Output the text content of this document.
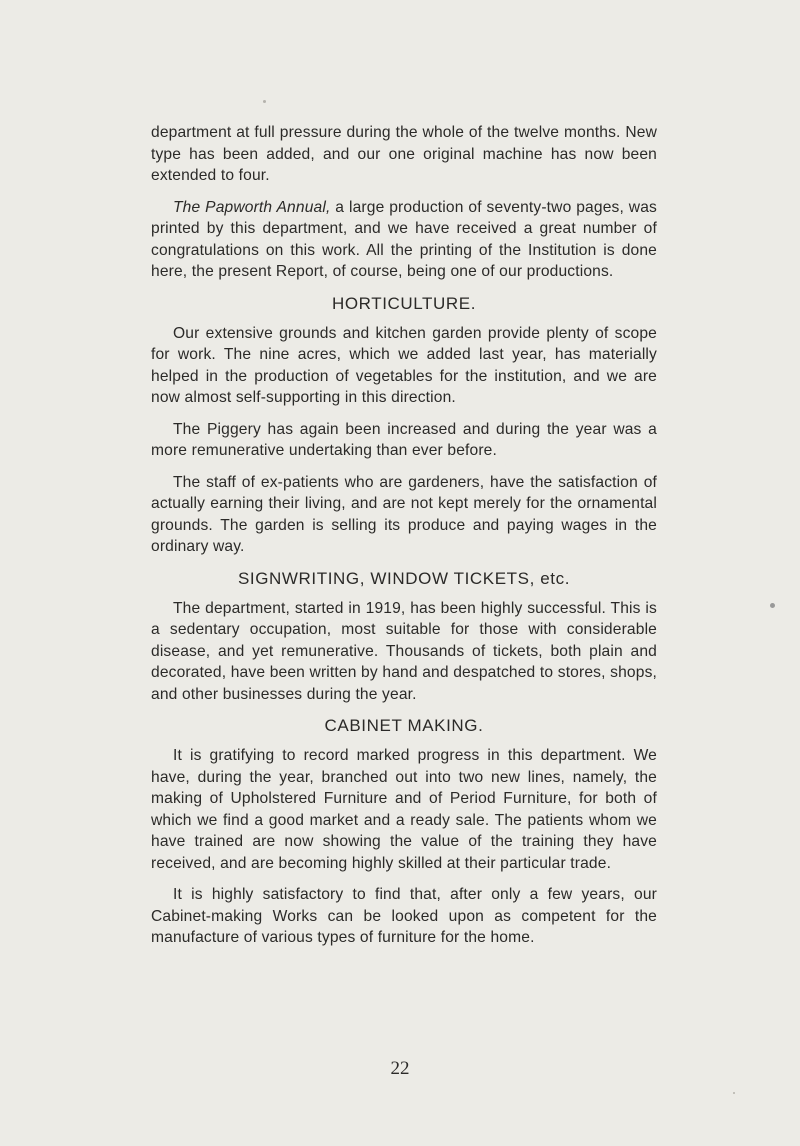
department at full pressure during the whole of the twelve months. New type has been added, and our one original machine has now been extended to four.

The Papworth Annual, a large production of seventy-two pages, was printed by this department, and we have received a great number of congratulations on this work. All the printing of the Institution is done here, the present Report, of course, being one of our productions.

HORTICULTURE.

Our extensive grounds and kitchen garden provide plenty of scope for work. The nine acres, which we added last year, has materially helped in the production of vegetables for the institution, and we are now almost self-supporting in this direction.

The Piggery has again been increased and during the year was a more remunerative undertaking than ever before.

The staff of ex-patients who are gardeners, have the satisfaction of actually earning their living, and are not kept merely for the ornamental grounds. The garden is selling its produce and paying wages in the ordinary way.

SIGNWRITING, WINDOW TICKETS, etc.

The department, started in 1919, has been highly successful. This is a sedentary occupation, most suitable for those with considerable disease, and yet remunerative. Thousands of tickets, both plain and decorated, have been written by hand and despatched to stores, shops, and other businesses during the year.

CABINET MAKING.

It is gratifying to record marked progress in this department. We have, during the year, branched out into two new lines, namely, the making of Upholstered Furniture and of Period Furniture, for both of which we find a good market and a ready sale. The patients whom we have trained are now showing the value of the training they have received, and are becoming highly skilled at their particular trade.

It is highly satisfactory to find that, after only a few years, our Cabinet-making Works can be looked upon as competent for the manufacture of various types of furniture for the home.

22
